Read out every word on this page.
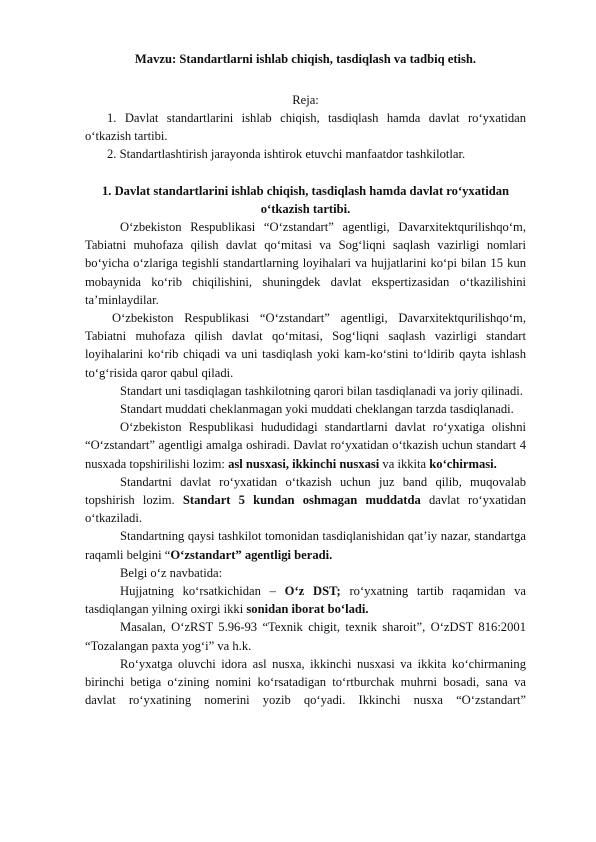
Mavzu: Standartlarni ishlab chiqish, tasdiqlash va tadbiq etish.
Reja:

1. Davlat standartlarini ishlab chiqish, tasdiqlash hamda davlat ro‘yxatidan o‘tkazish tartibi.

2. Standartlashtirish jarayonda ishtirok etuvchi manfaatdor tashkilotlar.

1. Davlat standartlarini ishlab chiqish, tasdiqlash hamda davlat ro‘yxatidan o‘tkazish tartibi.

O‘zbekiston Respublikasi “O‘zstandart” agentligi, Davarxitektqurilishqo‘m, Tabiatni muhofaza qilish davlat qo‘mitasi va Sog‘liqni saqlash vazirligi nomlari bo‘yicha o‘zlariga tegishli standartlarning loyihalari va hujjatlarini ko‘pi bilan 15 kun mobaynida ko‘rib chiqilishini, shuningdek davlat ekspertizasidan o‘tkazilishini ta’minlaydilar.

O‘zbekiston Respublikasi “O‘zstandart” agentligi, Davarxitektqurilishqo‘m, Tabiatni muhofaza qilish davlat qo‘mitasi, Sog‘liqni saqlash vazirligi standart loyihalarini ko‘rib chiqadi va uni tasdiqlash yoki kam-ko‘stini to‘ldirib qayta ishlash to‘g‘risida qaror qabul qiladi.

Standart uni tasdiqlagan tashkilotning qarori bilan tasdiqlanadi va joriy qilinadi.

Standart muddati cheklanmagan yoki muddati cheklangan tarzda tasdiqlanadi.

O‘zbekiston Respublikasi hududidagi standartlarni davlat ro‘yxatiga olishni “O‘zstandart” agentligi amalga oshiradi. Davlat ro‘yxatidan o‘tkazish uchun standart 4 nusxada topshirilishi lozim: asl nusxasi, ikkinchi nusxasi va ikkita ko‘chirmasi.

Standartni davlat ro‘yxatidan o‘tkazish uchun juz band qilib, muqovalab topshirish lozim. Standart 5 kundan oshmagan muddatda davlat ro‘yxatidan o‘tkaziladi.

Standartning qaysi tashkilot tomonidan tasdiqlanishidan qat’iy nazar, standartga raqamli belgini “O‘zstandart” agentligi beradi.

Belgi o‘z navbatida:

Hujjatning ko‘rsatkichidan – O‘z DST; ro‘yxatning tartib raqamidan va tasdiqlangan yilning oxirgi ikki sonidan iborat bo‘ladi.

Masalan, O‘zRST 5.96-93 “Texnik chigit, texnik sharoit”, O‘zDST 816:2001 “Tozalangan paxta yog‘i” va h.k.

Ro‘yxatga oluvchi idora asl nusxa, ikkinchi nusxasi va ikkita ko‘chirmaning birinchi betiga o‘zining nomini ko‘rsatadigan to‘rtburchak muhrni bosadi, sana va davlat ro‘yxatining nomerini yozib qo‘yadi. Ikkinchi nusxa “O‘zstandart”
